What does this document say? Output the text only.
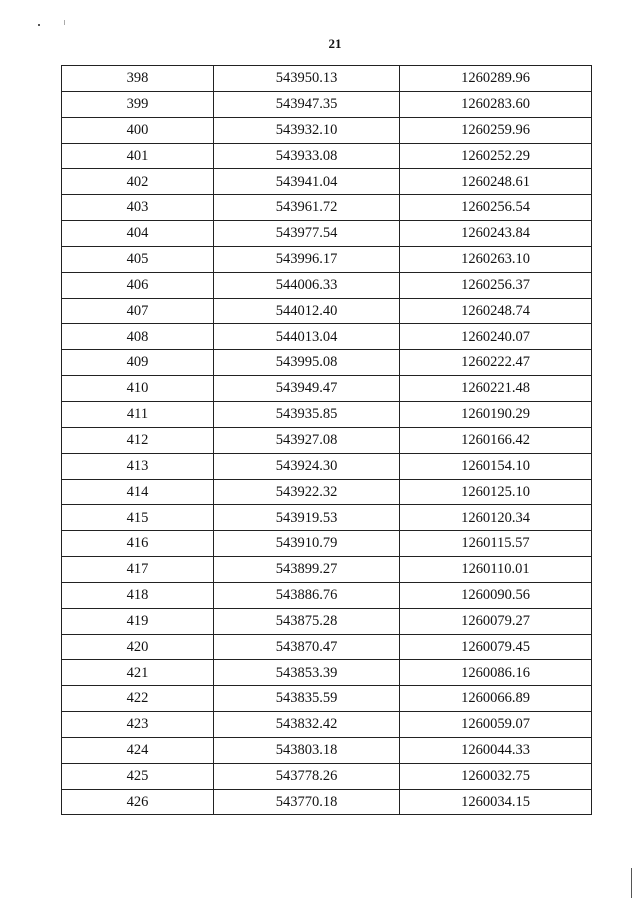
21
398	543950.13	1260289.96
399	543947.35	1260283.60
400	543932.10	1260259.96
401	543933.08	1260252.29
402	543941.04	1260248.61
403	543961.72	1260256.54
404	543977.54	1260243.84
405	543996.17	1260263.10
406	544006.33	1260256.37
407	544012.40	1260248.74
408	544013.04	1260240.07
409	543995.08	1260222.47
410	543949.47	1260221.48
411	543935.85	1260190.29
412	543927.08	1260166.42
413	543924.30	1260154.10
414	543922.32	1260125.10
415	543919.53	1260120.34
416	543910.79	1260115.57
417	543899.27	1260110.01
418	543886.76	1260090.56
419	543875.28	1260079.27
420	543870.47	1260079.45
421	543853.39	1260086.16
422	543835.59	1260066.89
423	543832.42	1260059.07
424	543803.18	1260044.33
425	543778.26	1260032.75
426	543770.18	1260034.15
